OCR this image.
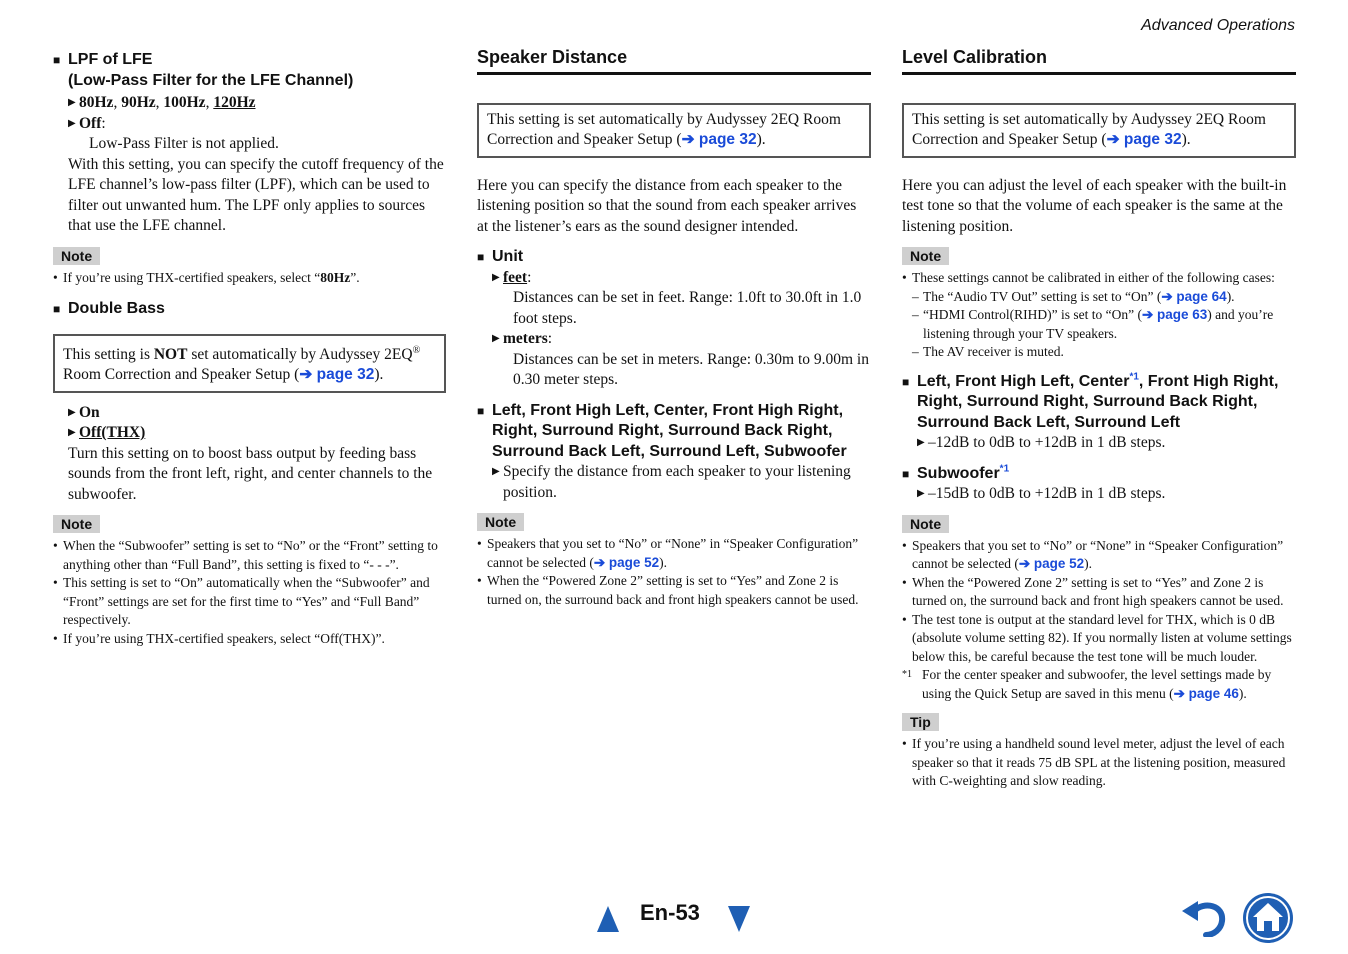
Advanced Operations
■ LPF of LFE
(Low-Pass Filter for the LFE Channel)
▶ 80Hz, 90Hz, 100Hz, 120Hz
▶ Off:
Low-Pass Filter is not applied.
With this setting, you can specify the cutoff frequency of the LFE channel’s low-pass filter (LPF), which can be used to filter out unwanted hum. The LPF only applies to sources that use the LFE channel.
Note
• If you’re using THX-certified speakers, select “80Hz”.
■ Double Bass
This setting is NOT set automatically by Audyssey 2EQ® Room Correction and Speaker Setup (➔ page 32).
▶ On
▶ Off(THX)
Turn this setting on to boost bass output by feeding bass sounds from the front left, right, and center channels to the subwoofer.
Note
• When the “Subwoofer” setting is set to “No” or the “Front” setting to anything other than “Full Band”, this setting is fixed to “- - -”.
• This setting is set to “On” automatically when the “Subwoofer” and “Front” settings are set for the first time to “Yes” and “Full Band” respectively.
• If you’re using THX-certified speakers, select “Off(THX)”.
Speaker Distance
This setting is set automatically by Audyssey 2EQ Room Correction and Speaker Setup (➔ page 32).
Here you can specify the distance from each speaker to the listening position so that the sound from each speaker arrives at the listener’s ears as the sound designer intended.
■ Unit
▶ feet:
Distances can be set in feet. Range: 1.0ft to 30.0ft in 1.0 foot steps.
▶ meters:
Distances can be set in meters. Range: 0.30m to 9.00m in 0.30 meter steps.
■ Left, Front High Left, Center, Front High Right, Right, Surround Right, Surround Back Right, Surround Back Left, Surround Left, Subwoofer
▶ Specify the distance from each speaker to your listening position.
Note
• Speakers that you set to “No” or “None” in “Speaker Configuration” cannot be selected (➔ page 52).
• When the “Powered Zone 2” setting is set to “Yes” and Zone 2 is turned on, the surround back and front high speakers cannot be used.
Level Calibration
This setting is set automatically by Audyssey 2EQ Room Correction and Speaker Setup (➔ page 32).
Here you can adjust the level of each speaker with the built-in test tone so that the volume of each speaker is the same at the listening position.
Note
• These settings cannot be calibrated in either of the following cases:
– The “Audio TV Out” setting is set to “On” (➔ page 64).
– “HDMI Control(RIHD)” is set to “On” (➔ page 63) and you’re listening through your TV speakers.
– The AV receiver is muted.
■ Left, Front High Left, Center$^{*1}$, Front High Right, Right, Surround Right, Surround Back Right, Surround Back Left, Surround Left
▶ –12dB to 0dB to +12dB in 1 dB steps.
■ Subwoofer$^{*1}$
▶ –15dB to 0dB to +12dB in 1 dB steps.
Note
• Speakers that you set to “No” or “None” in “Speaker Configuration” cannot be selected (➔ page 52).
• When the “Powered Zone 2” setting is set to “Yes” and Zone 2 is turned on, the surround back and front high speakers cannot be used.
• The test tone is output at the standard level for THX, which is 0 dB (absolute volume setting 82). If you normally listen at volume settings below this, be careful because the test tone will be much louder.
*1 For the center speaker and subwoofer, the level settings made by using the Quick Setup are saved in this menu (➔ page 46).
Tip
• If you’re using a handheld sound level meter, adjust the level of each speaker so that it reads 75 dB SPL at the listening position, measured with C-weighting and slow reading.
En-53
